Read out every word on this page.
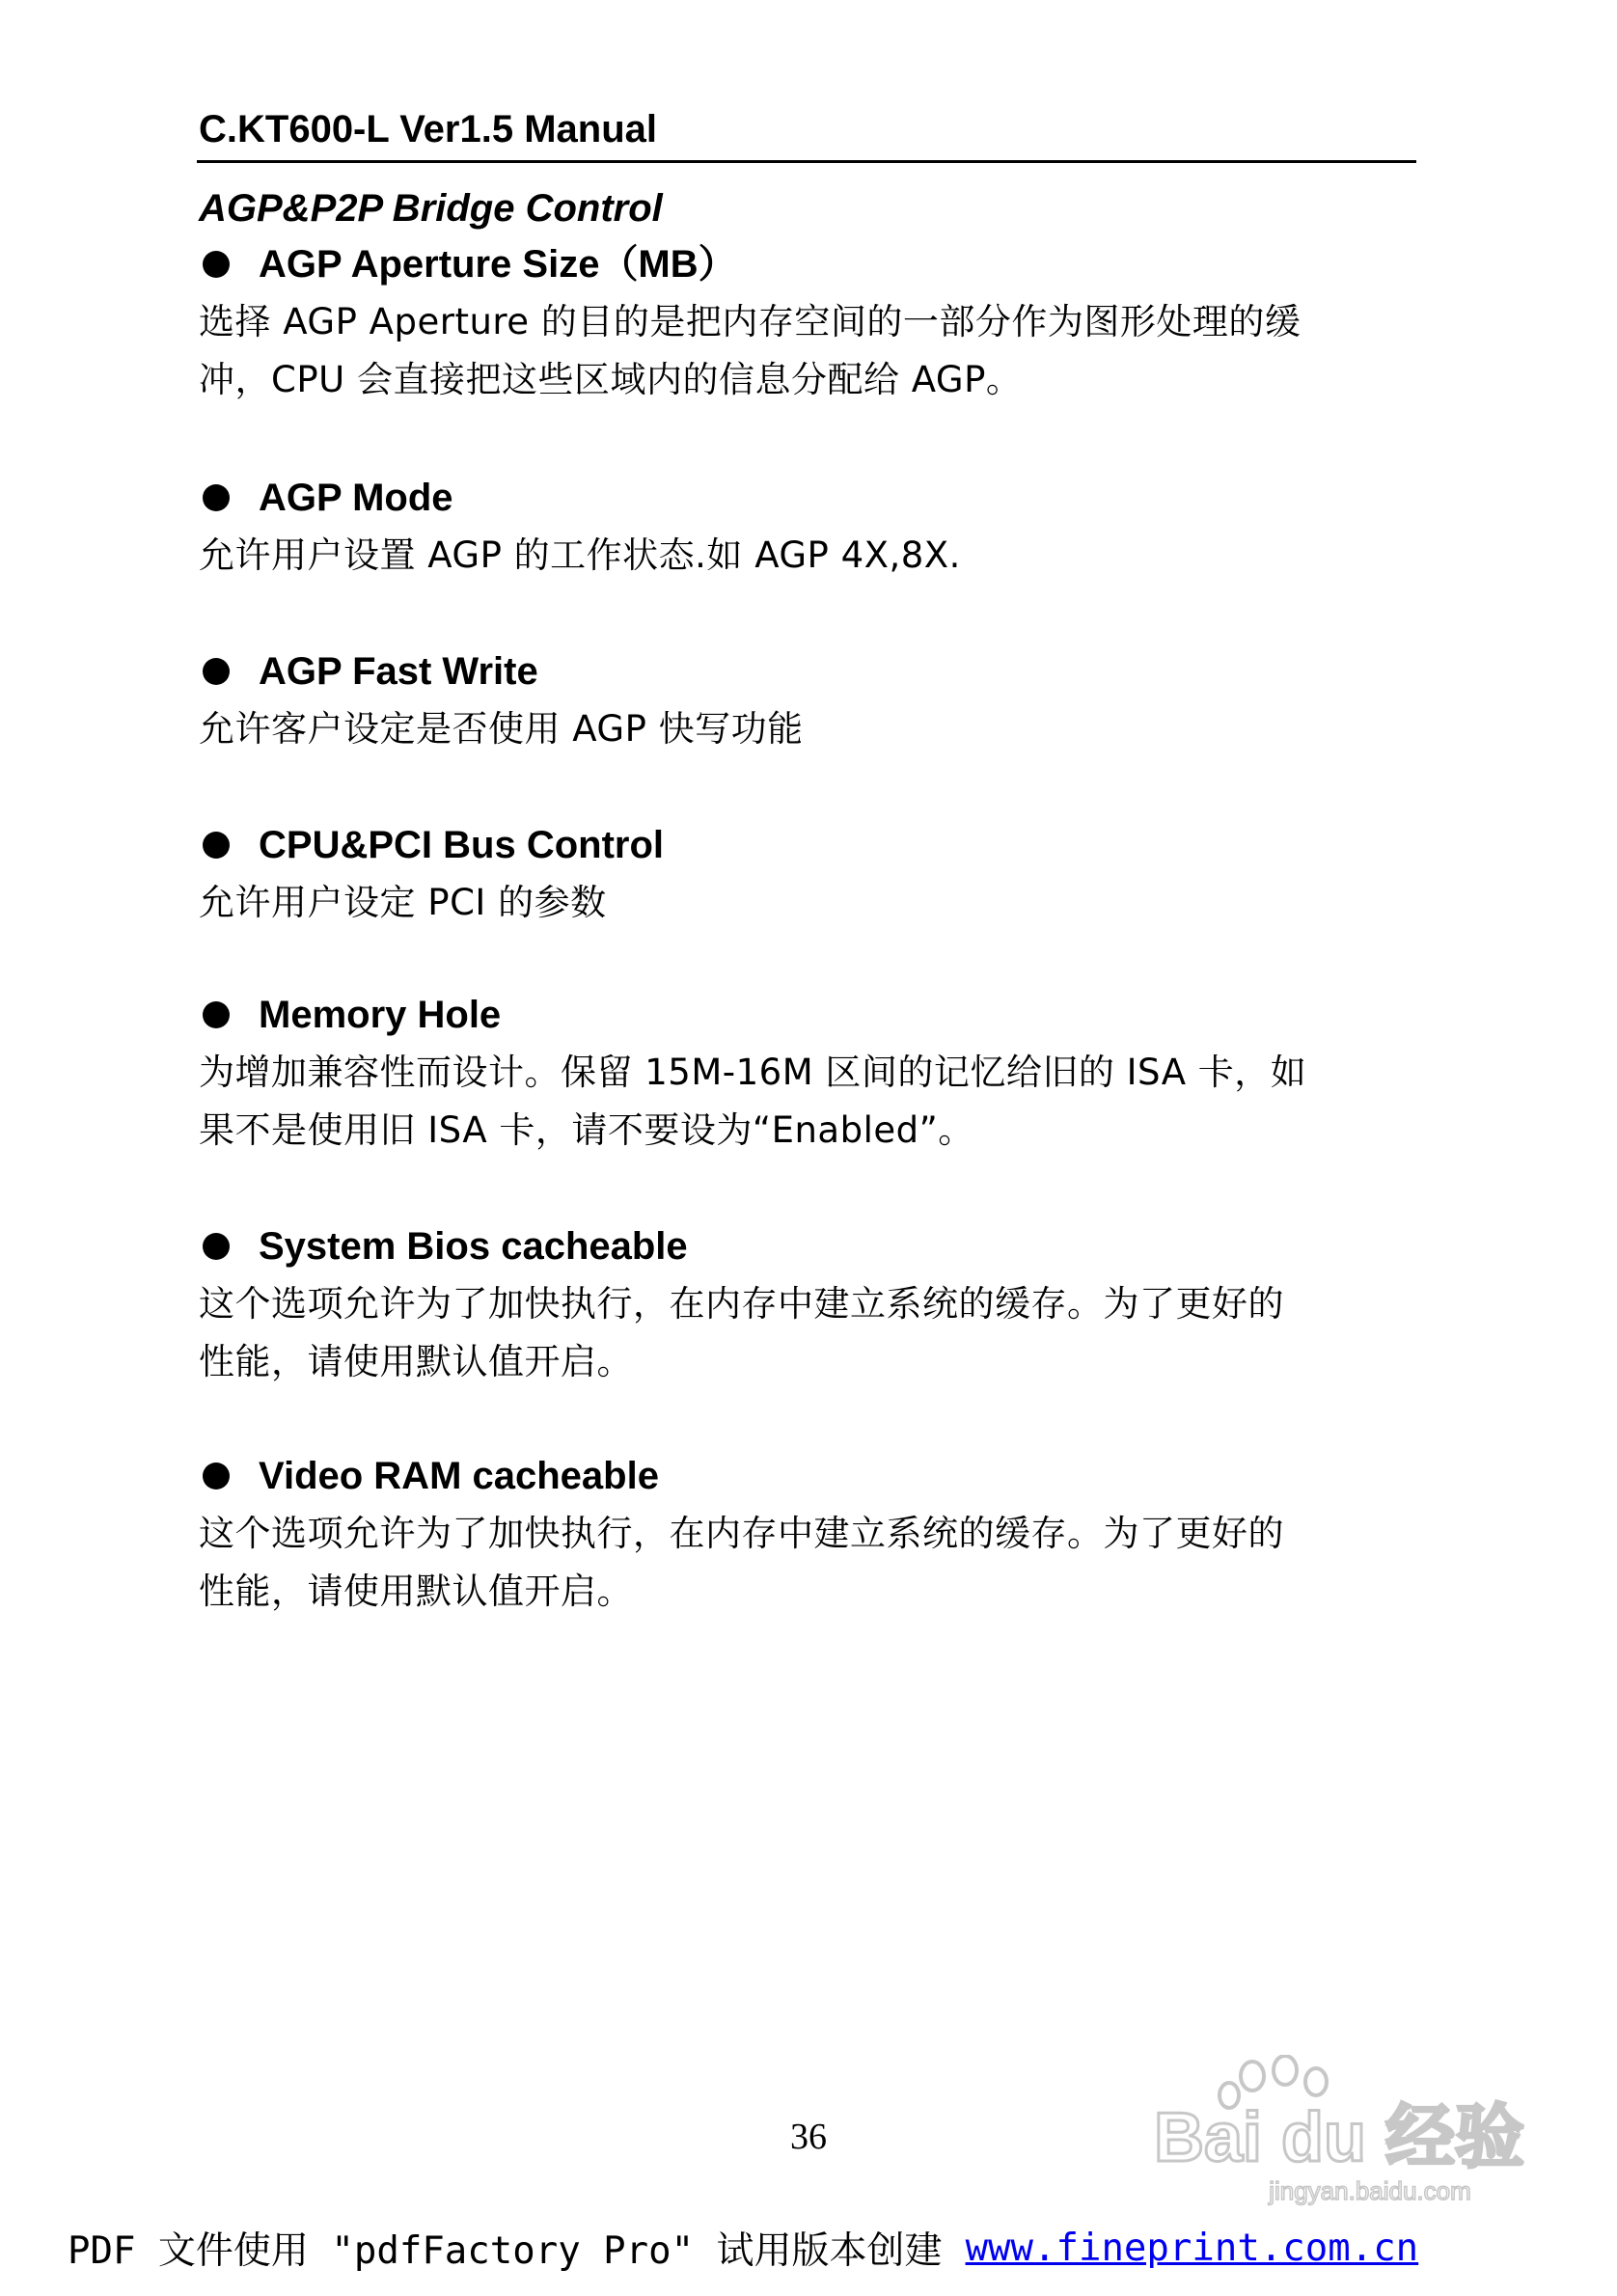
C.KT600-L Ver1.5 Manual
AGP&P2P Bridge Control
AGP Aperture Size（MB）

选择 AGP Aperture 的目的是把内存空间的一部分作为图形处理的缓

冲，CPU 会直接把这些区域内的信息分配给 AGP。

AGP Mode

允许用户设置 AGP 的工作状态.如 AGP 4X,8X.

AGP Fast Write

允许客户设定是否使用 AGP 快写功能

CPU&PCI Bus Control

允许用户设定 PCI 的参数

Memory Hole

为增加兼容性而设计。保留 15M-16M 区间的记忆给旧的 ISA 卡，如

果不是使用旧 ISA 卡，请不要设为“Enabled”。

System Bios cacheable

这个选项允许为了加快执行，在内存中建立系统的缓存。为了更好的

性能，请使用默认值开启。

Video RAM cacheable

这个选项允许为了加快执行，在内存中建立系统的缓存。为了更好的

性能，请使用默认值开启。

36	Bai du 经验
jingyan.baidu.com
PDF 文件使用 "pdfFactory Pro" 试用版本创建 www.fineprint.com.cn
